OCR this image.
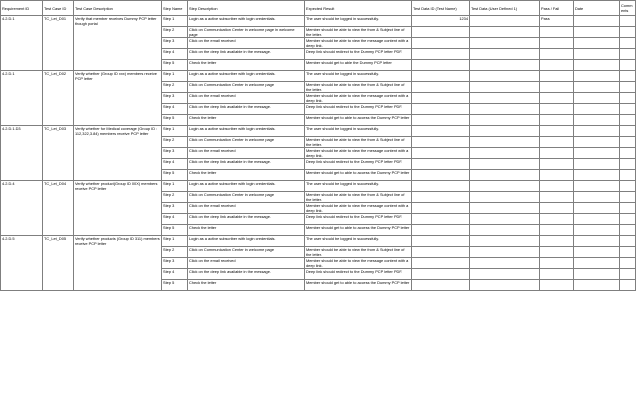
Requirement ID	Test Case ID	Test Case Description	Step Name	Step Description	Expected Result	Test Data ID (Test Name)	Test Data (User Defined 1)	Pass / Fail	Date	Comments
4.2.D.1	TC_Let_D01	Verify that member receives Dummy PCP letter though portal	Step 1	Login as a active subscriber with login credentials.	The user should be logged in successfully.	1234		Pass		
			Step 2	Click on Communication Center in welcome page in welcome page	Member should be able to view the from & Subject line of the letter.					
			Step 3	Click on the email received	Member should be able to view the message content with a deep link.					
			Step 4	Click on the deep link available in the message.	Deep link should redirect to the Dummy PCP letter PDF.					
			Step 5	Check the letter	Member should get to able the Dummy PCP letter					
4.2.D.1	TC_Let_D02	Verify whether (Group ID xxx) members receive PCP letter	Step 1	Login as a active subscriber with login credentials.	The user should be logged in successfully.					
			Step 2	Click on Communication Center in welcome page	Member should be able to view the from & Subject line of the letter.					
			Step 3	Click on the email received	Member should be able to view the message content with a deep link.					
			Step 4	Click on the deep link available in the message.	Deep link should redirect to the Dummy PCP letter PDF.					
			Step 5	Check the letter	Member should get to able to access the Dummy PCP letter					
4.2.D.1.D3	TC_Let_D03	Verify whether for Medical coverage (Group ID : 112,322,3.84) members receive PCP letter	Step 1	Login as a active subscriber with login credentials.	The user should be logged in successfully.					
			Step 2	Click on Communication Center in welcome page	Member should be able to view the from & Subject line of the letter.					
			Step 3	Click on the email received	Member should be able to view the message content with a deep link.					
			Step 4	Click on the deep link available in the message.	Deep link should redirect to the Dummy PCP letter PDF.					
			Step 5	Check the letter	Member should get to able to access the Dummy PCP letter					
4.2.D.4	TC_Let_D04	Verify whether product(Group ID 00X) members receive PCP letter	Step 1	Login as a active subscriber with login credentials.	The user should be logged in successfully.					
			Step 2	Click on Communication Center in welcome page	Member should be able to view the from & Subject line of the letter.					
			Step 3	Click on the email received	Member should be able to view the message content with a deep link.					
			Step 4	Click on the deep link available in the message.	Deep link should redirect to the Dummy PCP letter PDF.					
			Step 5	Check the letter	Member should get to able to access the Dummy PCP letter					
4.2.D.5	TC_Let_D05	Verify whether products (Group ID 311) members receive PCP letter	Step 1	Login as a active subscriber with login credentials.	The user should be logged in successfully.					
			Step 2	Click on Communication Center in welcome page	Member should be able to view the from & Subject line of the letter.					
			Step 3	Click on the email received	Member should be able to view the message content with a deep link.					
			Step 4	Click on the deep link available in the message.	Deep link should redirect to the Dummy PCP letter PDF.					
			Step 5	Check the letter	Member should get to able to access the Dummy PCP letter					
